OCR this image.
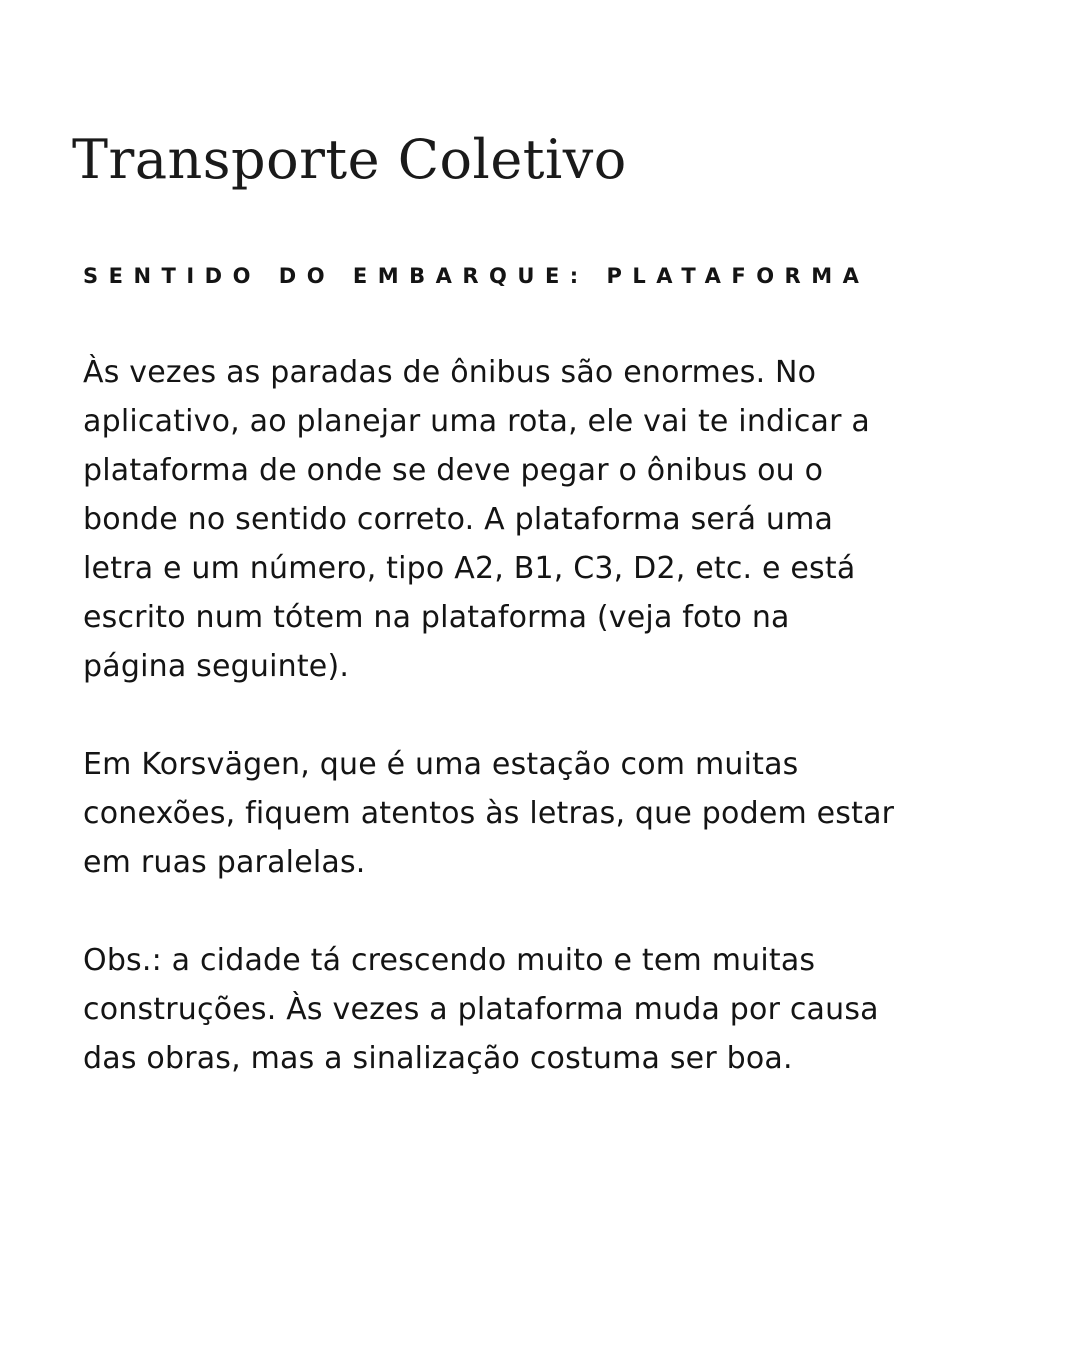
Transporte Coletivo
SENTIDO DO EMBARQUE: PLATAFORMA

Às vezes as paradas de ônibus são enormes. No
aplicativo, ao planejar uma rota, ele vai te indicar a
plataforma de onde se deve pegar o ônibus ou o
bonde no sentido correto. A plataforma será uma
letra e um número, tipo A2, B1, C3, D2, etc. e está
escrito num tótem na plataforma (veja foto na
página seguinte).

Em Korsvägen, que é uma estação com muitas
conexões, fiquem atentos às letras, que podem estar
em ruas paralelas.

Obs.: a cidade tá crescendo muito e tem muitas
construções. Às vezes a plataforma muda por causa
das obras, mas a sinalização costuma ser boa.
